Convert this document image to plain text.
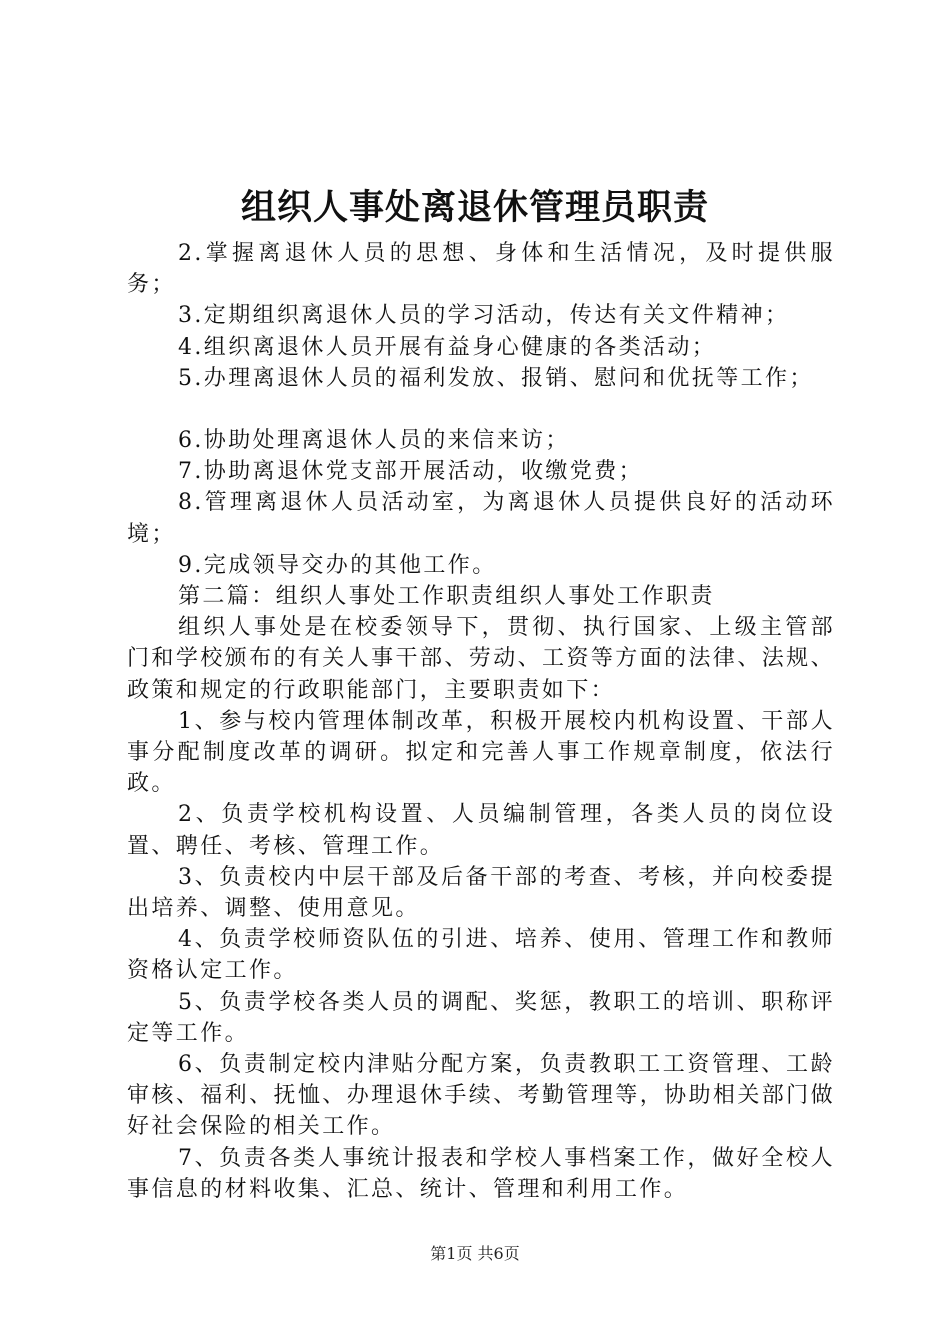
组织人事处离退休管理员职责

2.掌握离退休人员的思想、身体和生活情况，及时提供服务；

3.定期组织离退休人员的学习活动，传达有关文件精神；

4.组织离退休人员开展有益身心健康的各类活动；

5.办理离退休人员的福利发放、报销、慰问和优抚等工作；

6.协助处理离退休人员的来信来访；

7.协助离退休党支部开展活动，收缴党费；

8.管理离退休人员活动室，为离退休人员提供良好的活动环境；

9.完成领导交办的其他工作。

第二篇：组织人事处工作职责组织人事处工作职责

组织人事处是在校委领导下，贯彻、执行国家、上级主管部门和学校颁布的有关人事干部、劳动、工资等方面的法律、法规、政策和规定的行政职能部门，主要职责如下：

1、参与校内管理体制改革，积极开展校内机构设置、干部人事分配制度改革的调研。拟定和完善人事工作规章制度，依法行政。

2、负责学校机构设置、人员编制管理，各类人员的岗位设置、聘任、考核、管理工作。

3、负责校内中层干部及后备干部的考查、考核，并向校委提出培养、调整、使用意见。

4、负责学校师资队伍的引进、培养、使用、管理工作和教师资格认定工作。

5、负责学校各类人员的调配、奖惩，教职工的培训、职称评定等工作。

6、负责制定校内津贴分配方案，负责教职工工资管理、工龄审核、福利、抚恤、办理退休手续、考勤管理等，协助相关部门做好社会保险的相关工作。

7、负责各类人事统计报表和学校人事档案工作，做好全校人事信息的材料收集、汇总、统计、管理和利用工作。

第1页 共6页
